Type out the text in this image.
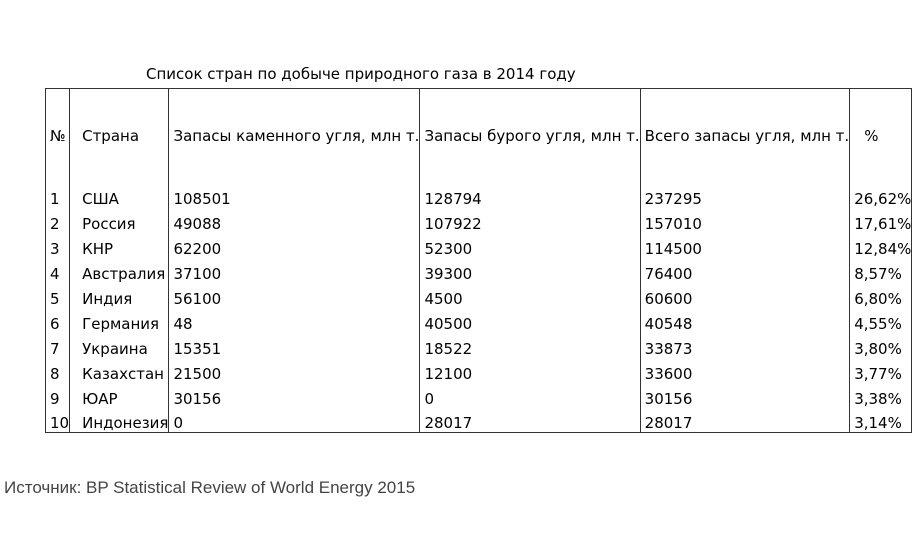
Список стран по добыче природного газа в 2014 году
№	Страна	Запасы каменного угля, млн т.	Запасы бурого угля, млн т.	Всего запасы угля, млн т.	%
1	США	108501	128794	237295	26,62%
2	Россия	49088	107922	157010	17,61%
3	КНР	62200	52300	114500	12,84%
4	Австралия	37100	39300	76400	8,57%
5	Индия	56100	4500	60600	6,80%
6	Германия	48	40500	40548	4,55%
7	Украина	15351	18522	33873	3,80%
8	Казахстан	21500	12100	33600	3,77%
9	ЮАР	30156	0	30156	3,38%
10	Индонезия	0	28017	28017	3,14%
Источник: BP Statistical Review of World Energy 2015
